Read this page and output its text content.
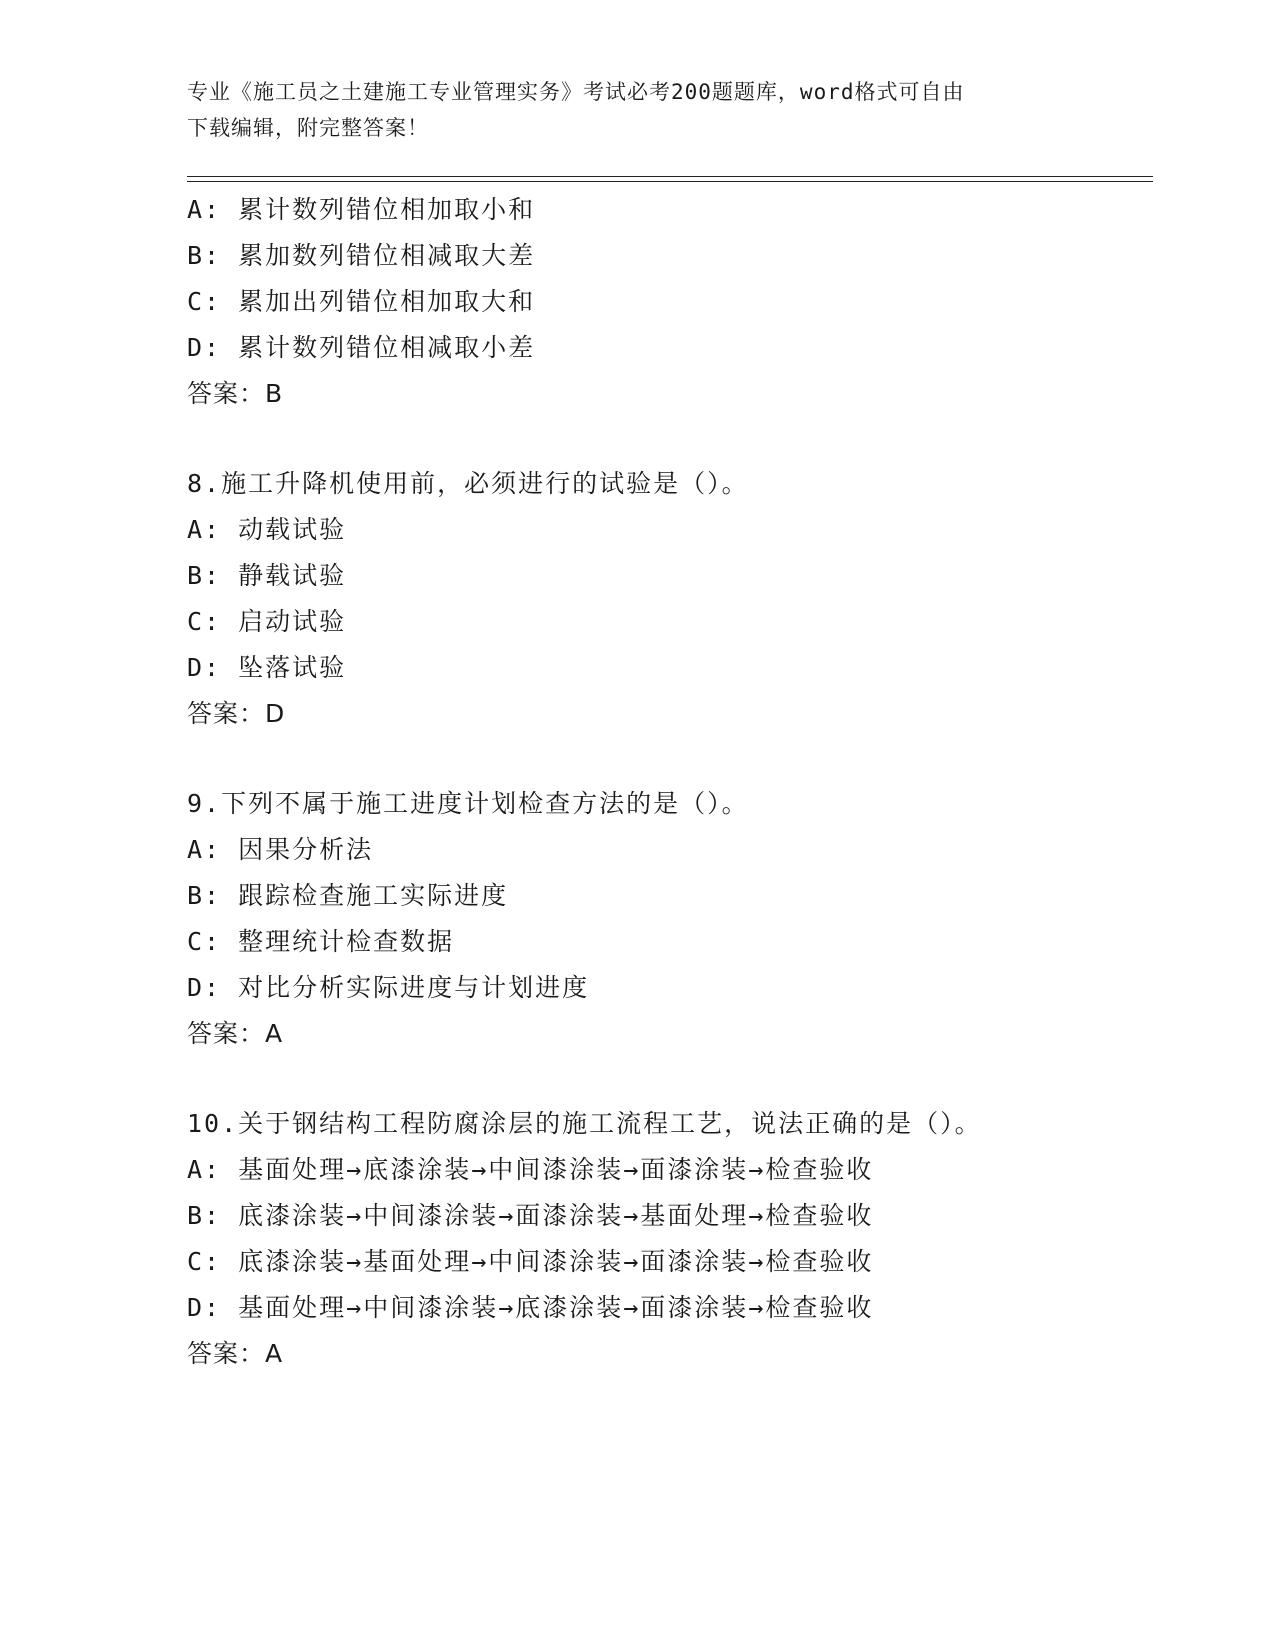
专业《施工员之土建施工专业管理实务》考试必考200题题库，word格式可自由
下载编辑，附完整答案！
A: 累计数列错位相加取小和
B: 累加数列错位相减取大差
C: 累加出列错位相加取大和
D: 累计数列错位相减取小差
答案：B
8.施工升降机使用前，必须进行的试验是（）。
A: 动载试验
B: 静载试验
C: 启动试验
D: 坠落试验
答案：D
9.下列不属于施工进度计划检查方法的是（）。
A: 因果分析法
B: 跟踪检查施工实际进度
C: 整理统计检查数据
D: 对比分析实际进度与计划进度
答案：A
10.关于钢结构工程防腐涂层的施工流程工艺，说法正确的是（）。
A: 基面处理→底漆涂装→中间漆涂装→面漆涂装→检查验收
B: 底漆涂装→中间漆涂装→面漆涂装→基面处理→检查验收
C: 底漆涂装→基面处理→中间漆涂装→面漆涂装→检查验收
D: 基面处理→中间漆涂装→底漆涂装→面漆涂装→检查验收
答案：A
